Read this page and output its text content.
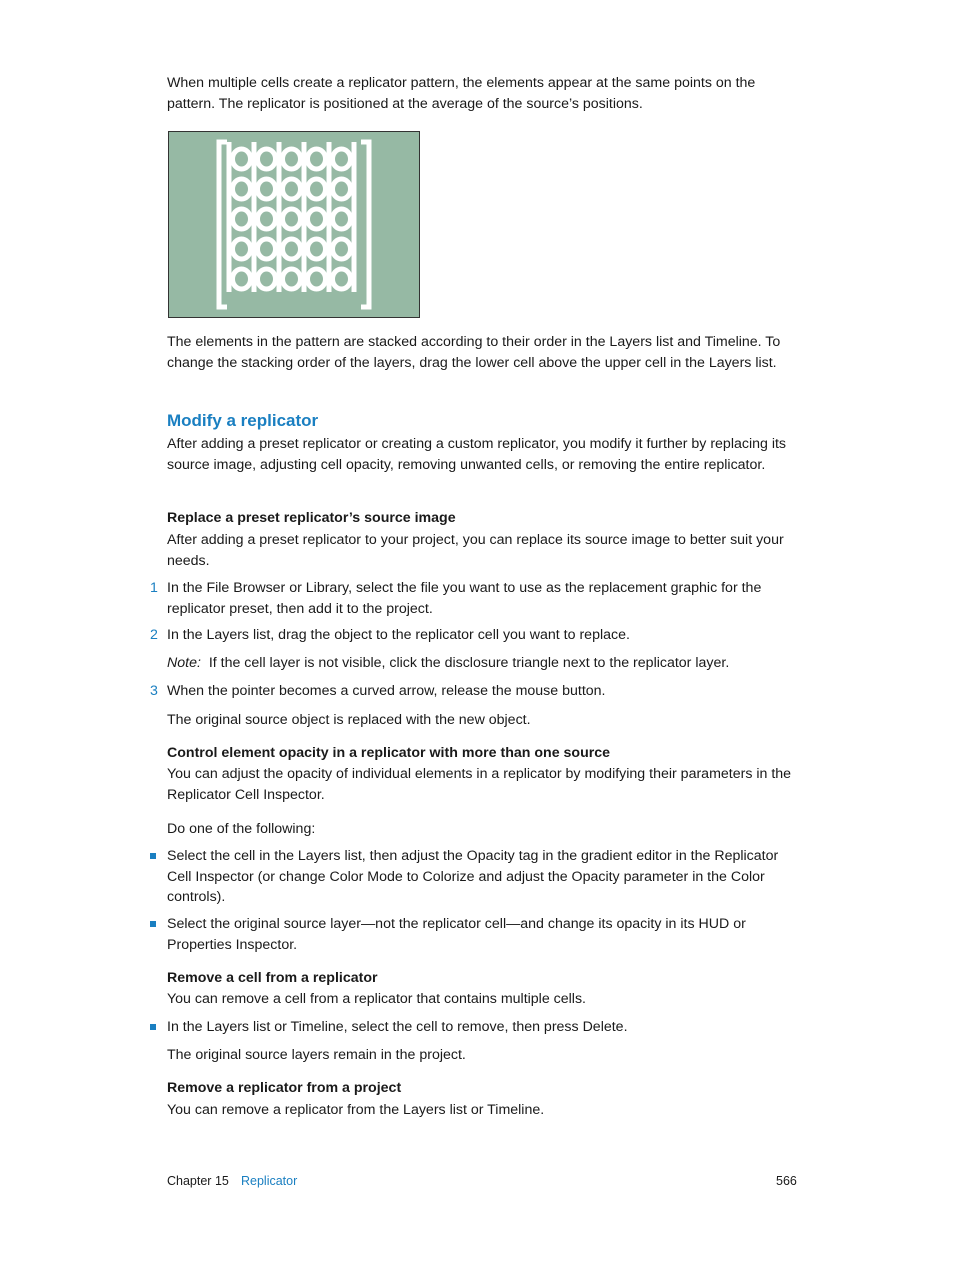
When multiple cells create a replicator pattern, the elements appear at the same points on the pattern. The replicator is positioned at the average of the source’s positions.

The elements in the pattern are stacked according to their order in the Layers list and Timeline. To change the stacking order of the layers, drag the lower cell above the upper cell in the Layers list.

Modify a replicator

After adding a preset replicator or creating a custom replicator, you modify it further by replacing its source image, adjusting cell opacity, removing unwanted cells, or removing the entire replicator.

Replace a preset replicator’s source image

After adding a preset replicator to your project, you can replace its source image to better suit your needs.

1 In the File Browser or Library, select the file you want to use as the replacement graphic for the replicator preset, then add it to the project.

2 In the Layers list, drag the object to the replicator cell you want to replace.

Note: If the cell layer is not visible, click the disclosure triangle next to the replicator layer.

3 When the pointer becomes a curved arrow, release the mouse button.

The original source object is replaced with the new object.

Control element opacity in a replicator with more than one source

You can adjust the opacity of individual elements in a replicator by modifying their parameters in the Replicator Cell Inspector.

Do one of the following:

Select the cell in the Layers list, then adjust the Opacity tag in the gradient editor in the Replicator Cell Inspector (or change Color Mode to Colorize and adjust the Opacity parameter in the Color controls).

Select the original source layer—not the replicator cell—and change its opacity in its HUD or Properties Inspector.

Remove a cell from a replicator

You can remove a cell from a replicator that contains multiple cells.

In the Layers list or Timeline, select the cell to remove, then press Delete.

The original source layers remain in the project.

Remove a replicator from a project

You can remove a replicator from the Layers list or Timeline.

Chapter 15 Replicator	566
